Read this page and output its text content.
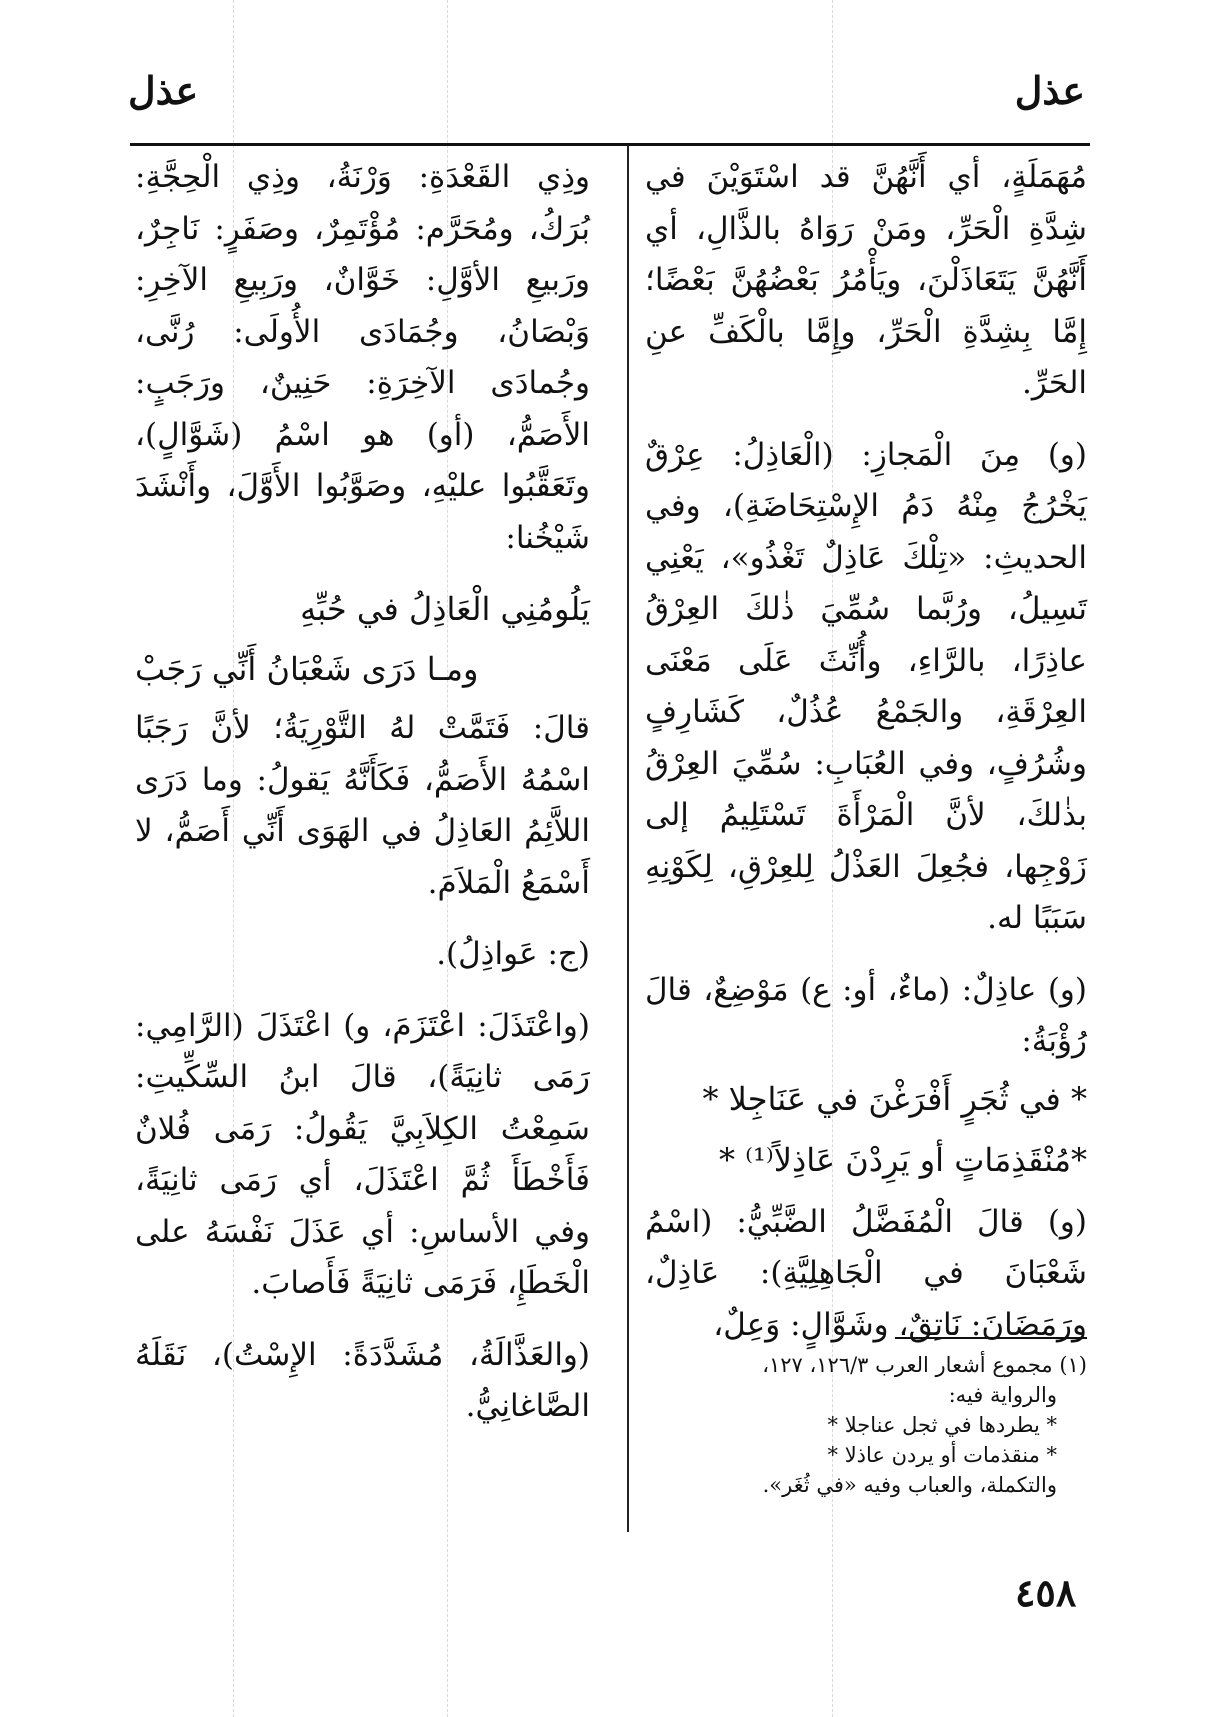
عذل
عذل

مُهَمَلَةٍ، أي أَنَّهُنَّ قد اسْتَوَيْنَ في شِدَّةِ الْحَرِّ، ومَنْ رَوَاهُ بالذَّالِ، أي أَنَّهُنَّ يَتَعَاذَلْنَ، ويَأْمُرُ بَعْضُهُنَّ بَعْضًا؛ إِمَّا بِشِدَّةِ الْحَرِّ، وإِمَّا بالْكَفِّ عنِ الحَرِّ.

(و) مِنَ الْمَجازِ: (الْعَاذِلُ: عِرْقٌ يَخْرُجُ مِنْهُ دَمُ الإِسْتِحَاضَةِ)، وفي الحديثِ: «تِلْكَ عَاذِلٌ تَغْذُو»، يَعْنِي تَسِيلُ، ورُبَّما سُمِّيَ ذٰلكَ العِرْقُ عاذِرًا، بالرَّاءِ، وأُنِّثَ عَلَى مَعْنَى العِرْقَةِ، والجَمْعُ عُذُلٌ، كَشَارِفٍ وشُرُفٍ، وفي العُبَابِ: سُمِّيَ العِرْقُ بذٰلكَ، لأنَّ الْمَرْأَةَ تَسْتَلِيمُ إلى زَوْجِها، فجُعِلَ العَذْلُ لِلعِرْقِ، لِكَوْنِهِ سَبَبًا له.

(و) عاذِلٌ: (ماءٌ، أو: ع) مَوْضِعٌ، قالَ رُؤْبَةُ:

* في ثُجَرٍ أَفْرَغْنَ في عَنَاجِلا *
*مُنْقَذِمَاتٍ أو يَرِدْنَ عَاذِلاً⁽¹⁾ *

(و) قالَ الْمُفَضَّلُ الضَّبِّيُّ: (اسْمُ شَعْبَانَ في الْجَاهِلِيَّةِ): عَاذِلٌ، ورَمَضَانَ: نَاتِقٌ، وشَوَّالٍ: وَعِلٌ،

(١) مجموع أشعار العرب ١٢٦/٣، ١٢٧،
والرواية فيه:
* يطردها في ثجل عناجلا *
* منقذمات أو يردن عاذلا *
والتكملة، والعباب وفيه «في ثُغَر».

وذِي القَعْدَةِ: وَرْنَةُ، وذِي الْحِجَّةِ: بُرَكُ، ومُحَرَّم: مُؤْتَمِرٌ، وصَفَرٍ: نَاجِرٌ، ورَبيعِ الأوَّلِ: خَوَّانٌ، ورَبِيعِ الآخِرِ: وَبْصَانُ، وجُمَادَى الأُولَى: رُنَّى، وجُمادَى الآخِرَةِ: حَنِينٌ، ورَجَبٍ: الأَصَمُّ، (أو) هو اسْمُ (شَوَّالٍ)، وتَعَقَّبُوا عليْهِ، وصَوَّبُوا الأَوَّلَ، وأَنْشَدَ شَيْخُنا:

يَلُومُنِي الْعَاذِلُ في حُبِّهِ
ومـا دَرَى شَعْبَانُ أَنِّي رَجَبْ

قالَ: فَتَمَّتْ لهُ التَّوْرِيَةُ؛ لأنَّ رَجَبًا اسْمُهُ الأَصَمُّ، فَكَأَنَّهُ يَقولُ: وما دَرَى اللاَّئِمُ العَاذِلُ في الهَوَى أَنِّي أَصَمُّ، لا أَسْمَعُ الْمَلاَمَ.

(ج: عَواذِلُ).

(واعْتَذَلَ: اعْتَزَمَ، و) اعْتَذَلَ (الرَّامِي: رَمَى ثانِيَةً)، قالَ ابنُ السِّكِّيتِ: سَمِعْتُ الكِلاَبِيَّ يَقُولُ: رَمَى فُلانٌ فَأَخْطَأَ ثُمَّ اعْتَذَلَ، أي رَمَى ثانِيَةً، وفي الأساسِ: أي عَذَلَ نَفْسَهُ على الْخَطَإِ، فَرَمَى ثانِيَةً فَأَصابَ.

(والعَذَّالَةُ، مُشَدَّدَةً: الإِسْتُ)، نَقَلَهُ الصَّاغانِيُّ.

٤٥٨
